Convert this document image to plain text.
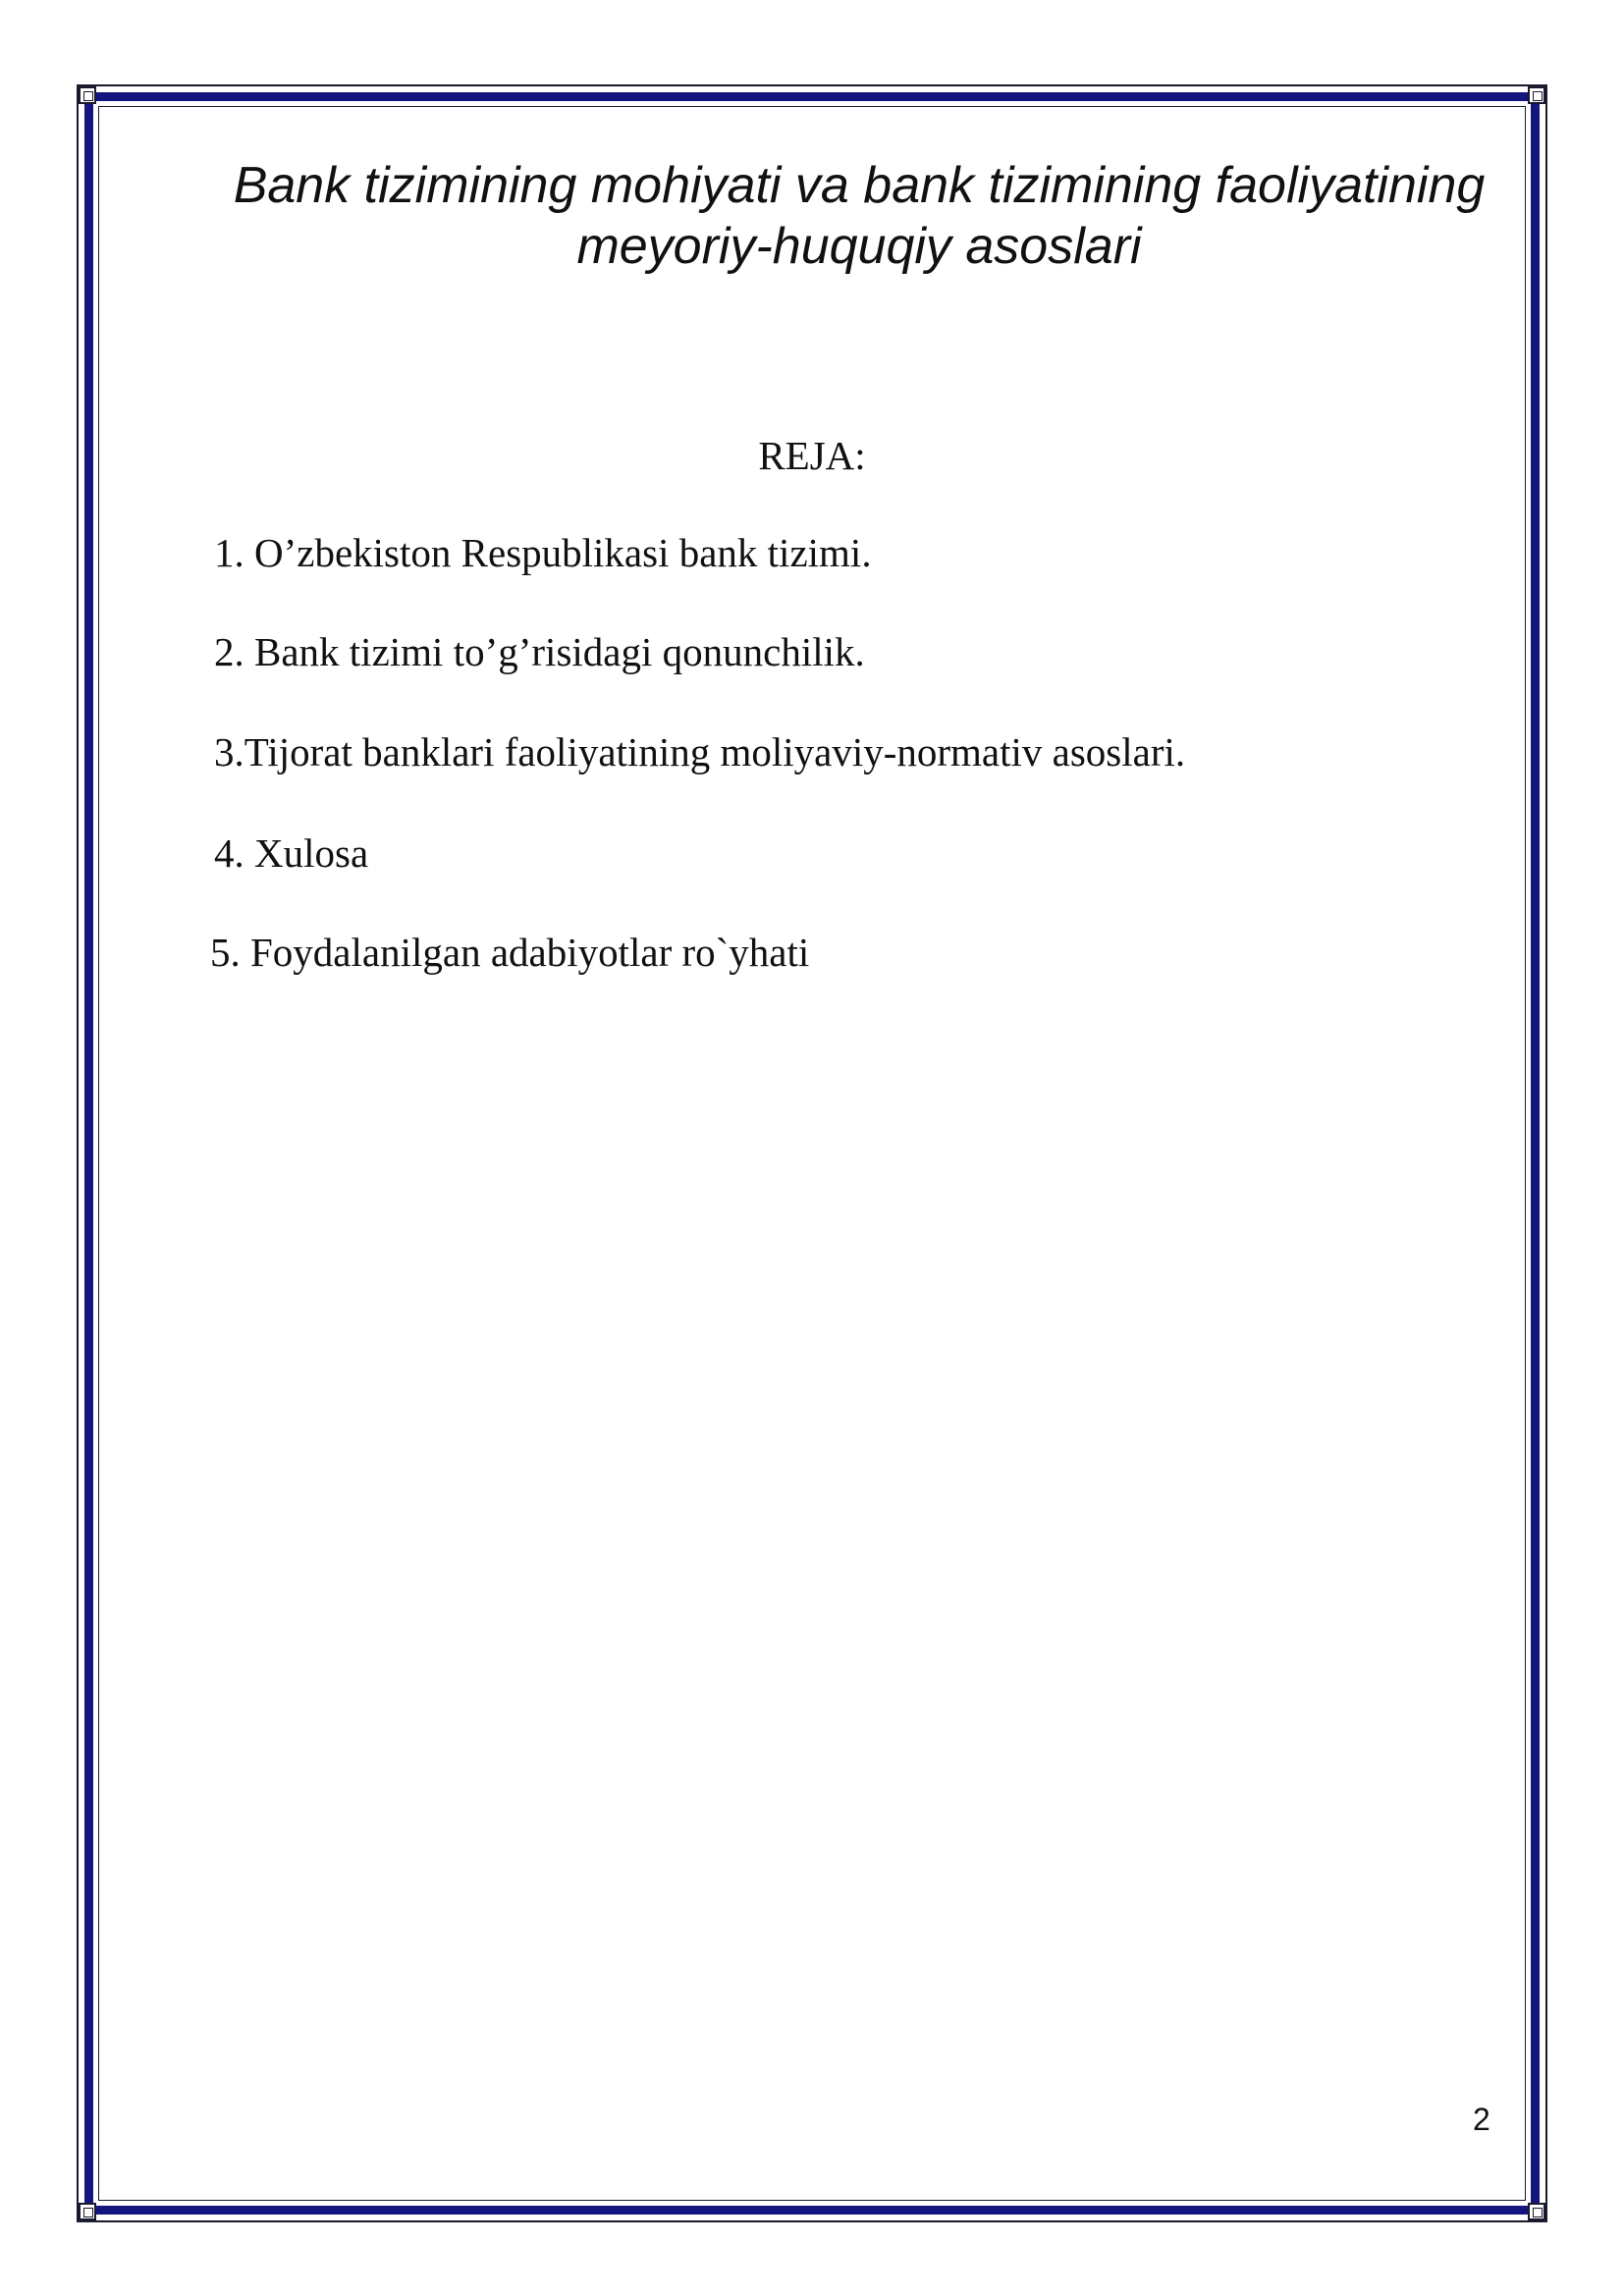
Bank tizimining mohiyati va bank tizimining faoliyatining meyoriy-huquqiy asoslari
REJA:
1. O’zbekiston Respublikasi bank tizimi.
2. Bank tizimi to’g’risidagi qonunchilik.
3.Tijorat banklari faoliyatining moliyaviy-normativ asoslari.
4. Xulosa
5. Foydalanilgan adabiyotlar ro`yhati
2
